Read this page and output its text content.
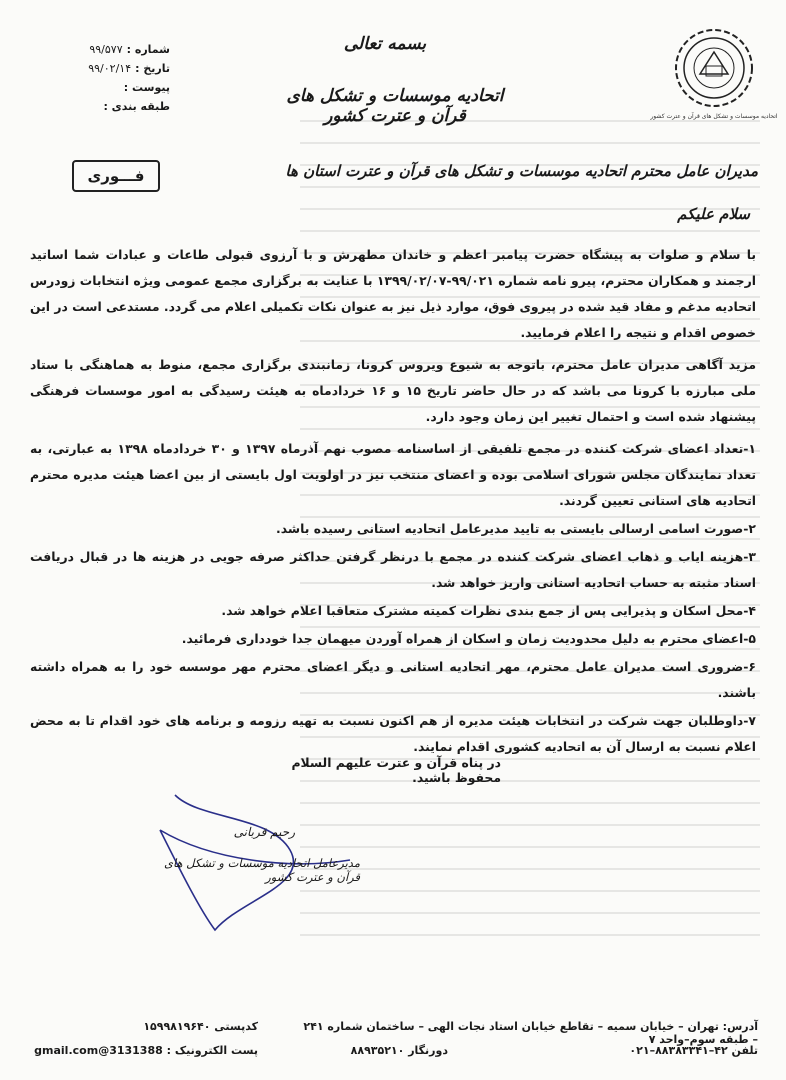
اتحادیه موسسات و تشکل های قرآن و عترت کشور
بسمه تعالی
اتحادیه موسسات و تشکل های قرآن و عترت کشور
شماره :
۹۹/۵۷۷
تاریخ :
۹۹/۰۲/۱۴
پیوست :
طبقه بندی :
فـــوری	مدیران عامل محترم اتحادیه موسسات و تشکل های قرآن و عترت استان ها
سلام علیکم

با سلام و صلوات به پیشگاه حضرت پیامبر اعظم و خاندان مطهرش و با آرزوی قبولی طاعات و عبادات شما اساتید ارجمند و همکاران محترم، پیرو نامه شماره ۹۹/۰۲۱-۱۳۹۹/۰۲/۰۷ با عنایت به برگزاری مجمع عمومی ویژه انتخابات زودرس اتحادیه مدغم و مفاد قید شده در پیروی فوق، موارد ذیل نیز به عنوان نکات تکمیلی اعلام می گردد. مستدعی است در این خصوص اقدام و نتیجه را اعلام فرمایید.

مزید آگاهی مدیران عامل محترم، باتوجه به شیوع ویروس کرونا، زمانبندی برگزاری مجمع، منوط به هماهنگی با ستاد ملی مبارزه با کرونا می باشد که در حال حاضر تاریخ ۱۵ و ۱۶ خردادماه به هیئت رسیدگی به امور موسسات فرهنگی پیشنهاد شده است و احتمال تغییر این زمان وجود دارد.

۱-تعداد اعضای شرکت کننده در مجمع تلفیقی از اساسنامه مصوب نهم آذرماه ۱۳۹۷ و ۳۰ خردادماه ۱۳۹۸ به عبارتی، به تعداد نمایندگان مجلس شورای اسلامی بوده و اعضای منتخب نیز در اولویت اول بایستی از بین اعضا هیئت مدیره محترم اتحادیه های استانی تعیین گردند.

۲-صورت اسامی ارسالی بایستی به تایید مدیرعامل اتحادیه استانی رسیده باشد.

۳-هزینه ایاب و ذهاب اعضای شرکت کننده در مجمع با درنظر گرفتن حداکثر صرفه جویی در هزینه ها در قبال دریافت اسناد مثبته به حساب اتحادیه استانی واریز خواهد شد.

۴-محل اسکان و پذیرایی پس از جمع بندی نظرات کمیته مشترک متعاقبا اعلام خواهد شد.

۵-اعضای محترم به دلیل محدودیت زمان و اسکان از همراه آوردن میهمان جدا خودداری فرمائید.

۶-ضروری است مدیران عامل محترم، مهر اتحادیه استانی و دیگر اعضای محترم مهر موسسه خود را به همراه داشته باشند.

۷-داوطلبان جهت شرکت در انتخابات هیئت مدیره از هم اکنون نسبت به تهیه رزومه و برنامه های خود اقدام تا به محض اعلام نسبت به ارسال آن به اتحادیه کشوری اقدام نمایند.

در پناه قرآن و عترت علیهم السلام محفوظ باشید.
رحیم قربانی
مدیرعامل اتحادیه موسسات و تشکل های قرآن و عترت کشور
آدرس: تهران – خیابان سمیه – تقاطع خیابان استاد نجات الهی – ساختمان شماره ۲۴۱ – طبقه سوم–واحد ۷
تلفن ۴۲–۸۸۳۸۳۳۴۱–۰۲۱
دورنگار ۸۸۹۳۵۲۱۰
کدپستی ۱۵۹۹۸۱۹۶۴۰
پست الکترونیک : 3131388@gmail.com
